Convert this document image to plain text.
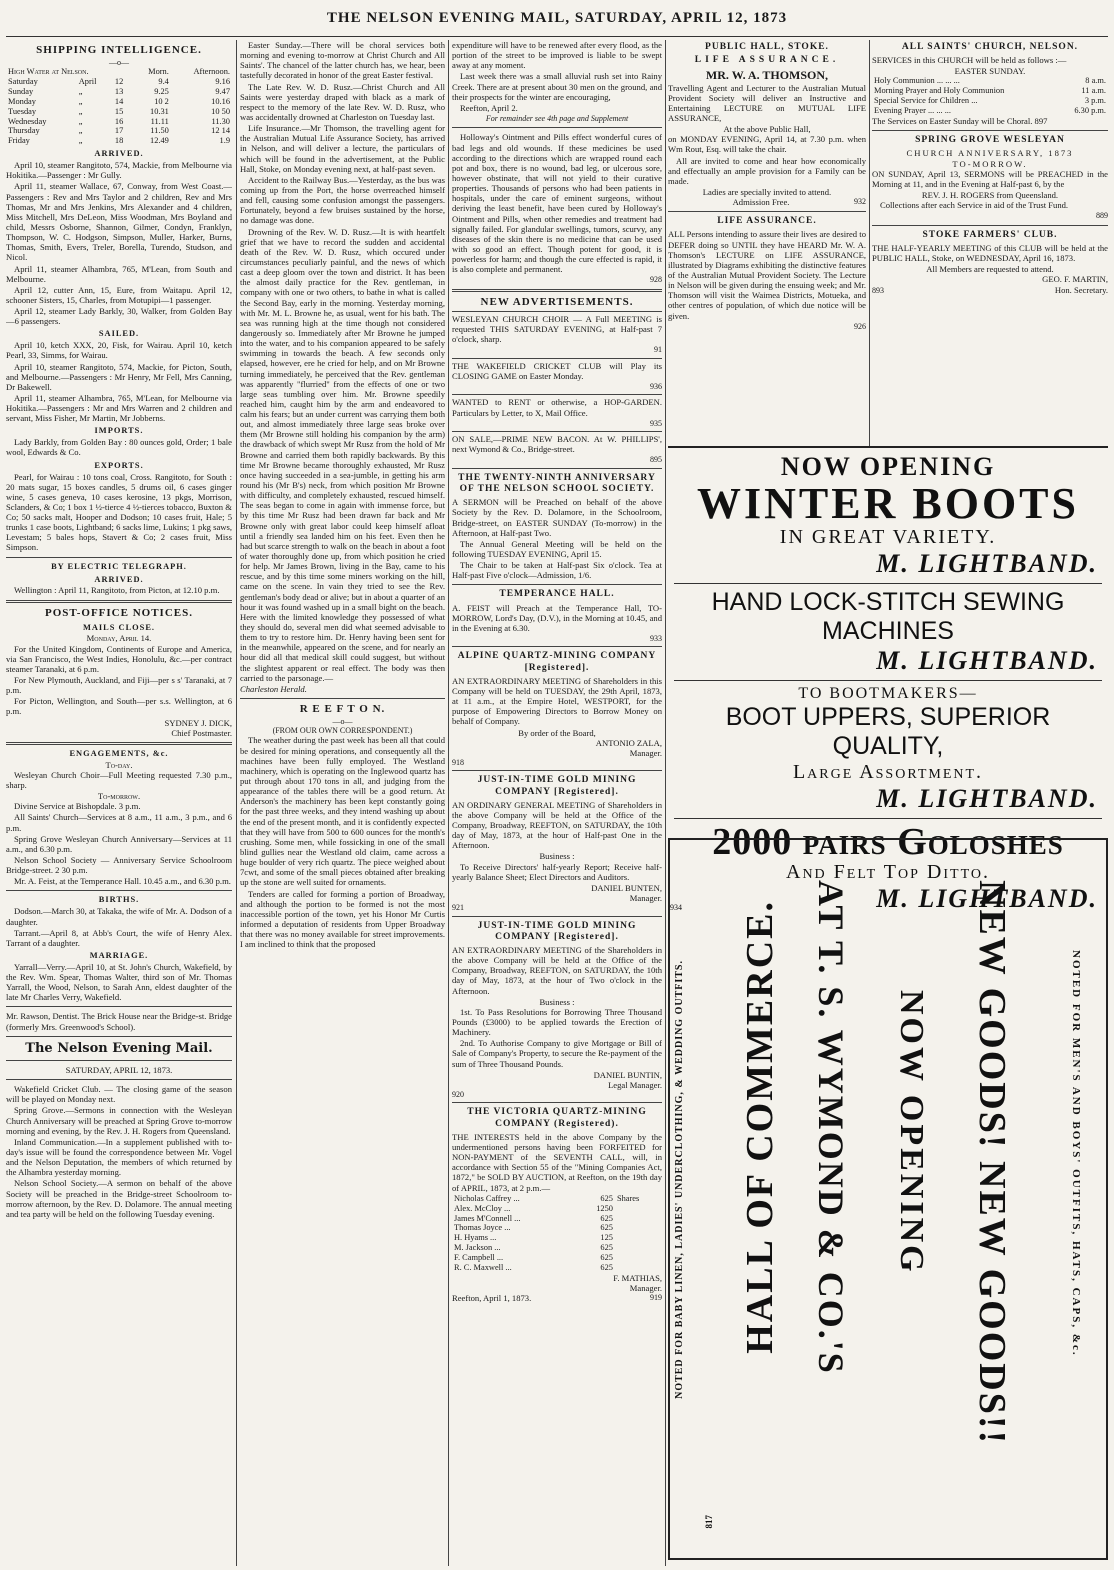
THE NELSON EVENING MAIL, SATURDAY, APRIL 12, 1873
SHIPPING INTELLIGENCE.
—o—
High Water at Nelson.			Morn.	Afternoon.
Saturday	April	12	9.4	9.16
Sunday	„	13	9.25	9.47
Monday	„	14	10 2	10.16
Tuesday	„	15	10.31	10 50
Wednesday	„	16	11.11	11.30
Thursday	„	17	11.50	12 14
Friday	„	18	12.49	1.9
ARRIVED.

April 10, steamer Rangitoto, 574, Mackie, from Melbourne via Hokitika.—Passenger : Mr Gully.

April 11, steamer Wallace, 67, Conway, from West Coast.—Passengers : Rev and Mrs Taylor and 2 children, Rev and Mrs Thomas, Mr and Mrs Jenkins, Mrs Alexander and 4 children, Miss Mitchell, Mrs DeLeon, Miss Woodman, Mrs Boyland and child, Messrs Osborne, Shannon, Gilmer, Condyn, Franklyn, Thompson, W. C. Hodgson, Simpson, Muller, Harker, Burns, Thomas, Smith, Evers, Treler, Borella, Turendo, Studson, and Nicol.

April 11, steamer Alhambra, 765, M'Lean, from South and Melbourne.

April 12, cutter Ann, 15, Eure, from Waitapu. April 12, schooner Sisters, 15, Charles, from Motupipi—1 passenger.

April 12, steamer Lady Barkly, 30, Walker, from Golden Bay—6 passengers.

SAILED.

April 10, ketch XXX, 20, Fisk, for Wairau. April 10, ketch Pearl, 33, Simms, for Wairau.

April 10, steamer Rangitoto, 574, Mackie, for Picton, South, and Melbourne.—Passengers : Mr Henry, Mr Fell, Mrs Canning, Dr Bakewell.

April 11, steamer Alhambra, 765, M'Lean, for Melbourne via Hokitika.—Passengers : Mr and Mrs Warren and 2 children and servant, Miss Fisher, Mr Martin, Mr Jobberns.

IMPORTS.

Lady Barkly, from Golden Bay : 80 ounces gold, Order; 1 bale wool, Edwards & Co.

EXPORTS.

Pearl, for Wairau : 10 tons coal, Cross. Rangitoto, for South : 20 mats sugar, 15 boxes candles, 5 drums oil, 6 cases ginger wine, 5 cases geneva, 10 cases kerosine, 13 pkgs, Morrison, Sclanders, & Co; 1 box 1 ½-tierce 4 ½-tierces tobacco, Buxton & Co; 50 sacks malt, Hooper and Dodson; 10 cases fruit, Hale; 5 trunks 1 case boots, Lightband; 6 sacks lime, Lukins; 1 pkg saws, Levestam; 5 bales hops, Stavert & Co; 2 cases fruit, Miss Simpson.

BY ELECTRIC TELEGRAPH.
ARRIVED.

Wellington : April 11, Rangitoto, from Picton, at 12.10 p.m.

POST-OFFICE NOTICES.
MAILS CLOSE.
Monday, April 14.

For the United Kingdom, Continents of Europe and America, via San Francisco, the West Indies, Honolulu, &c.—per contract steamer Taranaki, at 6 p.m.

For New Plymouth, Auckland, and Fiji—per s s' Taranaki, at 7 p.m.

For Picton, Wellington, and South—per s.s. Wellington, at 6 p.m.

SYDNEY J. DICK,
Chief Postmaster.
ENGAGEMENTS, &c.
To-day.

Wesleyan Church Choir—Full Meeting requested 7.30 p.m., sharp.

To-morrow.

Divine Service at Bishopdale. 3 p.m.

All Saints' Church—Services at 8 a.m., 11 a.m., 3 p.m., and 6 p.m.

Spring Grove Wesleyan Church Anniversary—Services at 11 a.m., and 6.30 p.m.

Nelson School Society — Anniversary Service Schoolroom Bridge-street. 2 30 p.m.

Mr. A. Feist, at the Temperance Hall. 10.45 a.m., and 6.30 p.m.

BIRTHS.

Dodson.—March 30, at Takaka, the wife of Mr. A. Dodson of a daughter.

Tarrant.—April 8, at Abb's Court, the wife of Henry Alex. Tarrant of a daughter.

MARRIAGE.

Yarrall—Verry.—April 10, at St. John's Church, Wakefield, by the Rev. Wm. Spear, Thomas Walter, third son of Mr. Thomas Yarrall, the Wood, Nelson, to Sarah Ann, eldest daughter of the late Mr Charles Verry, Wakefield.

Mr. Rawson, Dentist. The Brick House near the Bridge-st. Bridge (formerly Mrs. Greenwood's School).

The Nelson Evening Mail.
SATURDAY, APRIL 12, 1873.

Wakefield Cricket Club. — The closing game of the season will be played on Monday next.

Spring Grove.—Sermons in connection with the Wesleyan Church Anniversary will be preached at Spring Grove to-morrow morning and evening, by the Rev. J. H. Rogers from Queensland.

Inland Communication.—In a supplement published with to-day's issue will be found the correspondence between Mr. Vogel and the Nelson Deputation, the members of which returned by the Alhambra yesterday morning.

Nelson School Society.—A sermon on behalf of the above Society will be preached in the Bridge-street Schoolroom to-morrow afternoon, by the Rev. D. Dolamore. The annual meeting and tea party will be held on the following Tuesday evening.

Easter Sunday.—There will be choral services both morning and evening to-morrow at Christ Church and All Saints'. The chancel of the latter church has, we hear, been tastefully decorated in honor of the great Easter festival.

The Late Rev. W. D. Rusz.—Christ Church and All Saints were yesterday draped with black as a mark of respect to the memory of the late Rev. W. D. Rusz, who was accidentally drowned at Charleston on Tuesday last.

Life Insurance.—Mr Thomson, the travelling agent for the Australian Mutual Life Assurance Society, has arrived in Nelson, and will deliver a lecture, the particulars of which will be found in the advertisement, at the Public Hall, Stoke, on Monday evening next, at half-past seven.

Accident to the Railway Bus.—Yesterday, as the bus was coming up from the Port, the horse overreached himself and fell, causing some confusion amongst the passengers. Fortunately, beyond a few bruises sustained by the horse, no damage was done.

Drowning of the Rev. W. D. Rusz.—It is with heartfelt grief that we have to record the sudden and accidental death of the Rev. W. D. Rusz, which occured under circumstances peculiarly painful, and the news of which cast a deep gloom over the town and district. It has been the almost daily practice for the Rev. gentleman, in company with one or two others, to bathe in what is called the Second Bay, early in the morning. Yesterday morning, with Mr. M. L. Browne he, as usual, went for his bath. The sea was running high at the time though not considered dangerously so. Immediately after Mr Browne he jumped into the water, and to his companion appeared to be safely swimming in towards the beach. A few seconds only elapsed, however, ere he cried for help, and on Mr Browne turning immediately, he perceived that the Rev. gentleman was apparently "flurried" from the effects of one or two large seas tumbling over him. Mr. Browne speedily reached him, caught him by the arm and endeavored to calm his fears; but an under current was carrying them both out, and almost immediately three large seas broke over them (Mr Browne still holding his companion by the arm) the drawback of which swept Mr Rusz from the hold of Mr Browne and carried them both rapidly backwards. By this time Mr Browne became thoroughly exhausted, Mr Rusz once having succeeded in a sea-jumble, in getting his arm round his (Mr B's) neck, from which position Mr Browne with difficulty, and completely exhausted, rescued himself. The seas began to come in again with immense force, but by this time Mr Rusz had been drawn far back and Mr Browne only with great labor could keep himself afloat until a friendly sea landed him on his feet. Even then he had but scarce strength to walk on the beach in about a foot of water thoroughly done up, from which position he cried for help. Mr James Brown, living in the Bay, came to his rescue, and by this time some miners working on the hill, came on the scene. In vain they tried to see the Rev. gentleman's body dead or alive; but in about a quarter of an hour it was found washed up in a small bight on the beach. Here with the limited knowledge they possessed of what they should do, several men did what seemed advisable to them to try to restore him. Dr. Henry having been sent for in the meanwhile, appeared on the scene, and for nearly an hour did all that medical skill could suggest, but without the slightest apparent or real effect. The body was then carried to the parsonage.—

Charleston Herald.
R E E F T O N.
—o—
(FROM OUR OWN CORRESPONDENT.)

The weather during the past week has been all that could be desired for mining operations, and consequently all the machines have been fully employed. The Westland machinery, which is operating on the Inglewood quartz has put through about 170 tons in all, and judging from the appearance of the tables there will be a good return. At Anderson's the machinery has been kept constantly going for the past three weeks, and they intend washing up about the end of the present month, and it is confidently expected that they will have from 500 to 600 ounces for the month's crushing. Some men, while fossicking in one of the small blind gullies near the Westland old claim, came across a huge boulder of very rich quartz. The piece weighed about 7cwt, and some of the small pieces obtained after breaking up the stone are well suited for ornaments.

Tenders are called for forming a portion of Broadway, and although the portion to be formed is not the most inaccessible portion of the town, yet his Honor Mr Curtis informed a deputation of residents from Upper Broadway that there was no money available for street improvements. I am inclined to think that the proposed

expenditure will have to be renewed after every flood, as the portion of the street to be improved is liable to be swept away at any moment.

Last week there was a small alluvial rush set into Rainy Creek. There are at present about 30 men on the ground, and their prospects for the winter are encouraging,

Reefton, April 2.

For remainder see 4th page and Supplement

Holloway's Ointment and Pills effect wonderful cures of bad legs and old wounds. If these medicines be used according to the directions which are wrapped round each pot and box, there is no wound, bad leg, or ulcerous sore, however obstinate, that will not yield to their curative properties. Thousands of persons who had been patients in hospitals, under the care of eminent surgeons, without deriving the least benefit, have been cured by Holloway's Ointment and Pills, when other remedies and treatment had signally failed. For glandular swellings, tumors, scurvy, any diseases of the skin there is no medicine that can be used with so good an effect. Though potent for good, it is powerless for harm; and though the cure effected is rapid, it is also complete and permanent.

928
NEW ADVERTISEMENTS.

WESLEYAN CHURCH CHOIR — A Full MEETING is requested THIS SATURDAY EVENING, at Half-past 7 o'clock, sharp.

91

THE WAKEFIELD CRICKET CLUB will Play its CLOSING GAME on Easter Monday.

936

WANTED to RENT or otherwise, a HOP-GARDEN. Particulars by Letter, to X, Mail Office.

935

ON SALE,—PRIME NEW BACON. At W. PHILLIPS', next Wymond & Co., Bridge-street.

895
THE TWENTY-NINTH ANNIVERSARY OF THE NELSON SCHOOL SOCIETY.

A SERMON will be Preached on behalf of the above Society by the Rev. D. Dolamore, in the Schoolroom, Bridge-street, on EASTER SUNDAY (To-morrow) in the Afternoon, at Half-past Two.

The Annual General Meeting will be held on the following TUESDAY EVENING, April 15.

The Chair to be taken at Half-past Six o'clock. Tea at Half-past Five o'clock—Admission, 1/6.

TEMPERANCE HALL.

A. FEIST will Preach at the Temperance Hall, TO-MORROW, Lord's Day, (D.V.), in the Morning at 10.45, and in the Evening at 6.30.

933
ALPINE QUARTZ-MINING COMPANY [Registered].

AN EXTRAORDINARY MEETING of Shareholders in this Company will be held on TUESDAY, the 29th April, 1873, at 11 a.m., at the Empire Hotel, WESTPORT, for the purpose of Empowering Directors to Borrow Money on behalf of Company.

By order of the Board,
ANTONIO ZALA,
Manager.
918
JUST-IN-TIME GOLD MINING COMPANY [Registered].

AN ORDINARY GENERAL MEETING of Shareholders in the above Company will be held at the Office of the Company, Broadway, REEFTON, on SATURDAY, the 10th day of May, 1873, at the hour of Half-past One in the Afternoon.

Business :

To Receive Directors' half-yearly Report; Receive half-yearly Balance Sheet; Elect Directors and Auditors.

DANIEL BUNTEN,
Manager.
921
JUST-IN-TIME GOLD MINING COMPANY [Registered].

AN EXTRAORDINARY MEETING of the Shareholders in the above Company will be held at the Office of the Company, Broadway, REEFTON, on SATURDAY, the 10th day of May, 1873, at the hour of Two o'clock in the Afternoon.

Business :

1st. To Pass Resolutions for Borrowing Three Thousand Pounds (£3000) to be applied towards the Erection of Machinery.

2nd. To Authorise Company to give Mortgage or Bill of Sale of Company's Property, to secure the Re-payment of the sum of Three Thousand Pounds.

DANIEL BUNTIN,
Legal Manager.
920
THE VICTORIA QUARTZ-MINING COMPANY (Registered).

THE INTERESTS held in the above Company by the undermentioned persons having been FORFEITED for NON-PAYMENT of the SEVENTH CALL, will, in accordance with Section 55 of the "Mining Companies Act, 1872," be SOLD BY AUCTION, at Reefton, on the 19th day of APRIL, 1873, at 2 p.m.—

Nicholas Caffrey ...	625	Shares
Alex. McCloy ...	1250	
James M'Connell ...	625	
Thomas Joyce ...	625	
H. Hyams ...	125	
M. Jackson ...	625	
F. Campbell ...	625	
R. C. Maxwell ...	625	
F. MATHIAS,
Manager.
Reefton, April 1, 1873.	919
PUBLIC HALL, STOKE.
LIFE ASSURANCE.
MR. W. A. THOMSON,

Travelling Agent and Lecturer to the Australian Mutual Provident Society will deliver an Instructive and Entertaining LECTURE on MUTUAL LIFE ASSURANCE,

At the above Public Hall,

on MONDAY EVENING, April 14, at 7.30 p.m. when Wm Rout, Esq. will take the chair.

All are invited to come and hear how economically and effectually an ample provision for a Family can be made.

Ladies are specially invited to attend.
Admission Free.	932
LIFE ASSURANCE.

ALL Persons intending to assure their lives are desired to DEFER doing so UNTIL they have HEARD Mr. W. A. Thomson's LECTURE on LIFE ASSURANCE, illustrated by Diagrams exhibiting the distinctive features of the Australian Mutual Provident Society. The Lecture in Nelson will be given during the ensuing week; and Mr. Thomson will visit the Waimea Districts, Motueka, and other centres of population, of which due notice will be given.

926
ALL SAINTS' CHURCH, NELSON.

SERVICES in this CHURCH will be held as follows :—

EASTER SUNDAY.
Holy Communion ... ... ...	8 a.m.
Morning Prayer and Holy Communion	11 a.m.
Special Service for Children ...	3 p.m.
Evening Prayer ... ... ...	6.30 p.m.
The Services on Easter Sunday will be Choral. 897
SPRING GROVE WESLEYAN
CHURCH ANNIVERSARY, 1873
TO-MORROW.

ON SUNDAY, April 13, SERMONS will be PREACHED in the Morning at 11, and in the Evening at Half-past 6, by the

REV. J. H. ROGERS from Queensland.

Collections after each Service in aid of the Trust Fund.

889
STOKE FARMERS' CLUB.

THE HALF-YEARLY MEETING of this CLUB will be held at the PUBLIC HALL, Stoke, on WEDNESDAY, April 16, 1873.

All Members are requested to attend.
GEO. F. MARTIN,
893	Hon. Secretary.
NOW OPENING
WINTER BOOTS
IN GREAT VARIETY.
M. LIGHTBAND.
HAND LOCK-STITCH SEWING MACHINES
M. LIGHTBAND.
TO BOOTMAKERS—
BOOT UPPERS, SUPERIOR QUALITY,
Large Assortment.
M. LIGHTBAND.
2000 pairs Goloshes
And Felt Top Ditto.
934	M. LIGHTBAND.
NOTED FOR BABY LINEN, LADIES' UNDERCLOTHING, & WEDDING OUTFITS. HALL OF COMMERCE.
817
AT T. S. WYMOND & CO.'S NOW OPENING NEW GOODS! NEW GOODS!!	NOTED FOR MEN'S AND BOYS' OUTFITS, HATS, CAPS, &c.
